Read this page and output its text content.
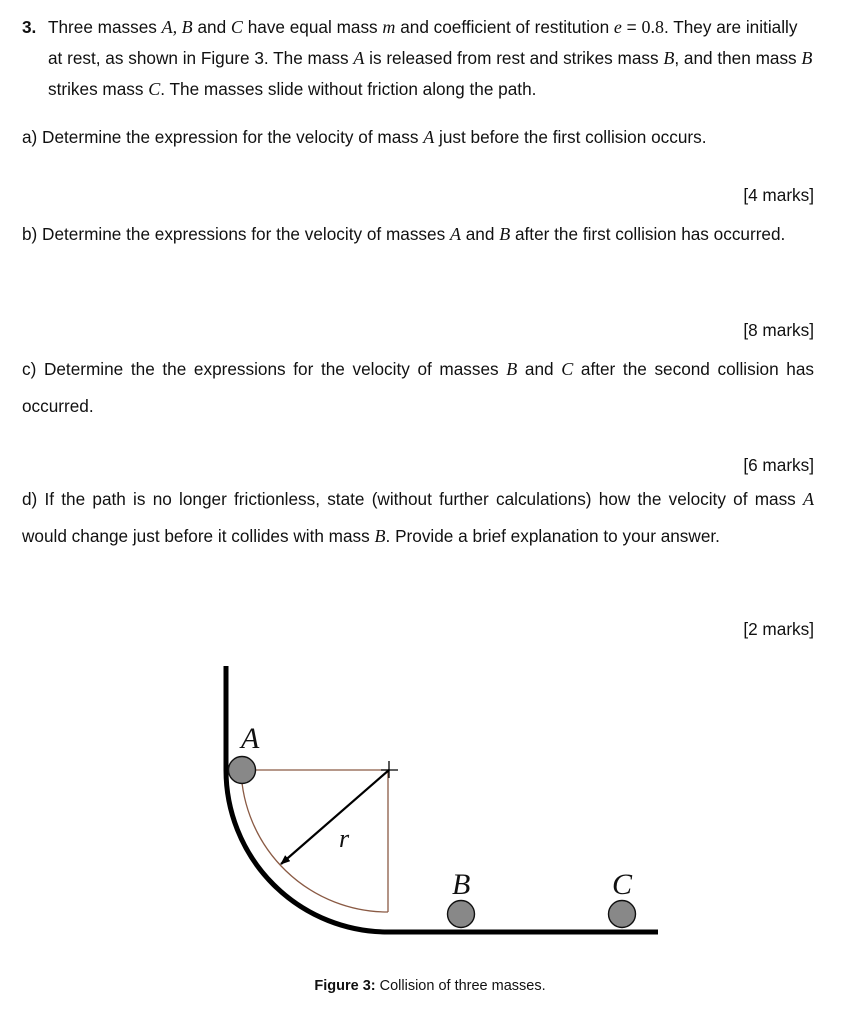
3. Three masses A, B and C have equal mass m and coefficient of restitution e = 0.8. They are initially at rest, as shown in Figure 3. The mass A is released from rest and strikes mass B, and then mass B strikes mass C. The masses slide without friction along the path.
a) Determine the expression for the velocity of mass A just before the first collision occurs.
[4 marks]
b) Determine the expressions for the velocity of masses A and B after the first collision has occurred.
[8 marks]
c) Determine the the expressions for the velocity of masses B and C after the second collision has occurred.
[6 marks]
d) If the path is no longer frictionless, state (without further calculations) how the velocity of mass A would change just before it collides with mass B. Provide a brief explanation to your answer.
[2 marks]
A
r
B	C
Figure 3: Collision of three masses.
